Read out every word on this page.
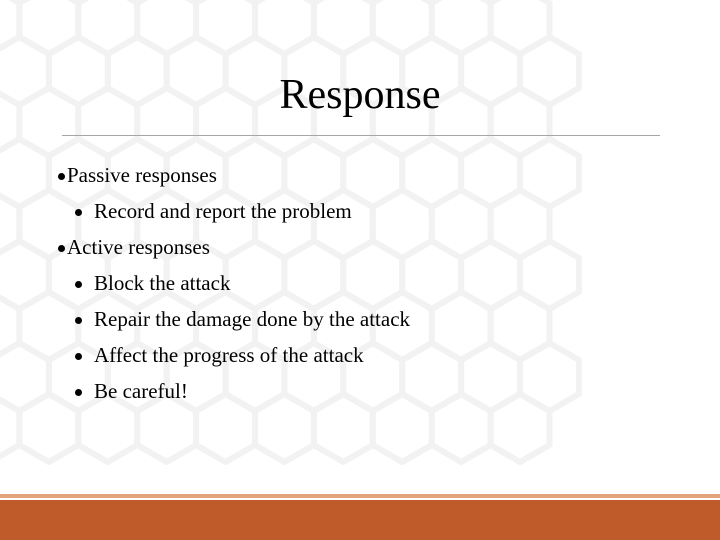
Response
Passive responses
Record and report the problem
Active responses
Block the attack
Repair the damage done by the attack
Affect the progress of the attack
Be careful!
